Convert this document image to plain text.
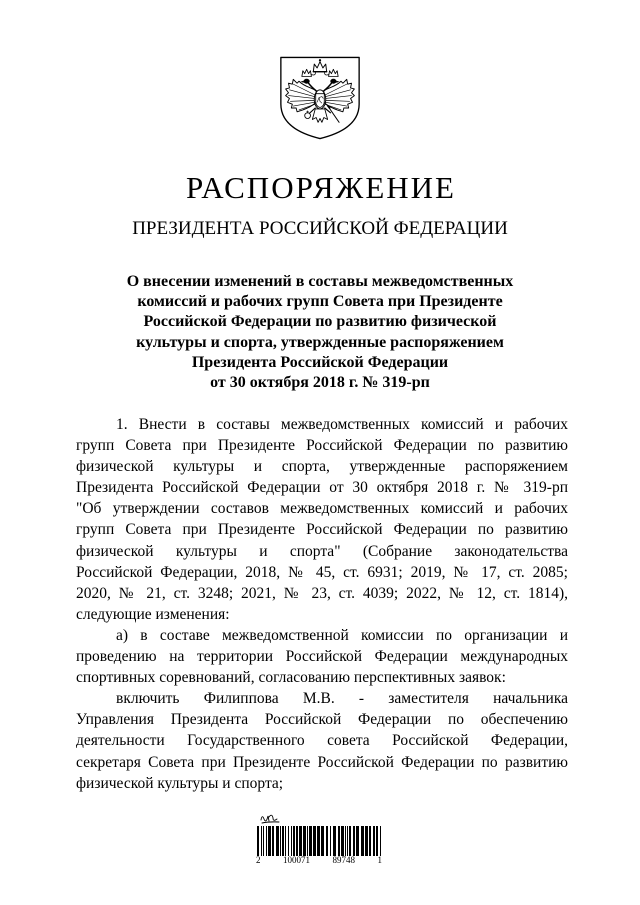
РАСПОРЯЖЕНИЕ
ПРЕЗИДЕНТА РОССИЙСКОЙ ФЕДЕРАЦИИ
О внесении изменений в составы межведомственных
комиссий и рабочих групп Совета при Президенте
Российской Федерации по развитию физической
культуры и спорта, утвержденные распоряжением
Президента Российской Федерации
от 30 октября 2018 г. № 319-рп
1. Внести в составы межведомственных комиссий и рабочих
групп Совета при Президенте Российской Федерации по развитию
физической культуры и спорта, утвержденные распоряжением
Президента Российской Федерации от 30 октября 2018 г. № 319-рп
"Об утверждении составов межведомственных комиссий и рабочих
групп Совета при Президенте Российской Федерации по развитию
физической культуры и спорта" (Собрание законодательства
Российской Федерации, 2018, № 45, ст. 6931; 2019, № 17, ст. 2085;
2020, № 21, ст. 3248; 2021, № 23, ст. 4039; 2022, № 12, ст. 1814),
следующие изменения:
а) в составе межведомственной комиссии по организации и
проведению на территории Российской Федерации международных
спортивных соревнований, согласованию перспективных заявок:
включить Филиппова М.В. - заместителя начальника
Управления Президента Российской Федерации по обеспечению
деятельности Государственного совета Российской Федерации,
секретаря Совета при Президенте Российской Федерации по развитию
физической культуры и спорта;
2 100071 89748 1
